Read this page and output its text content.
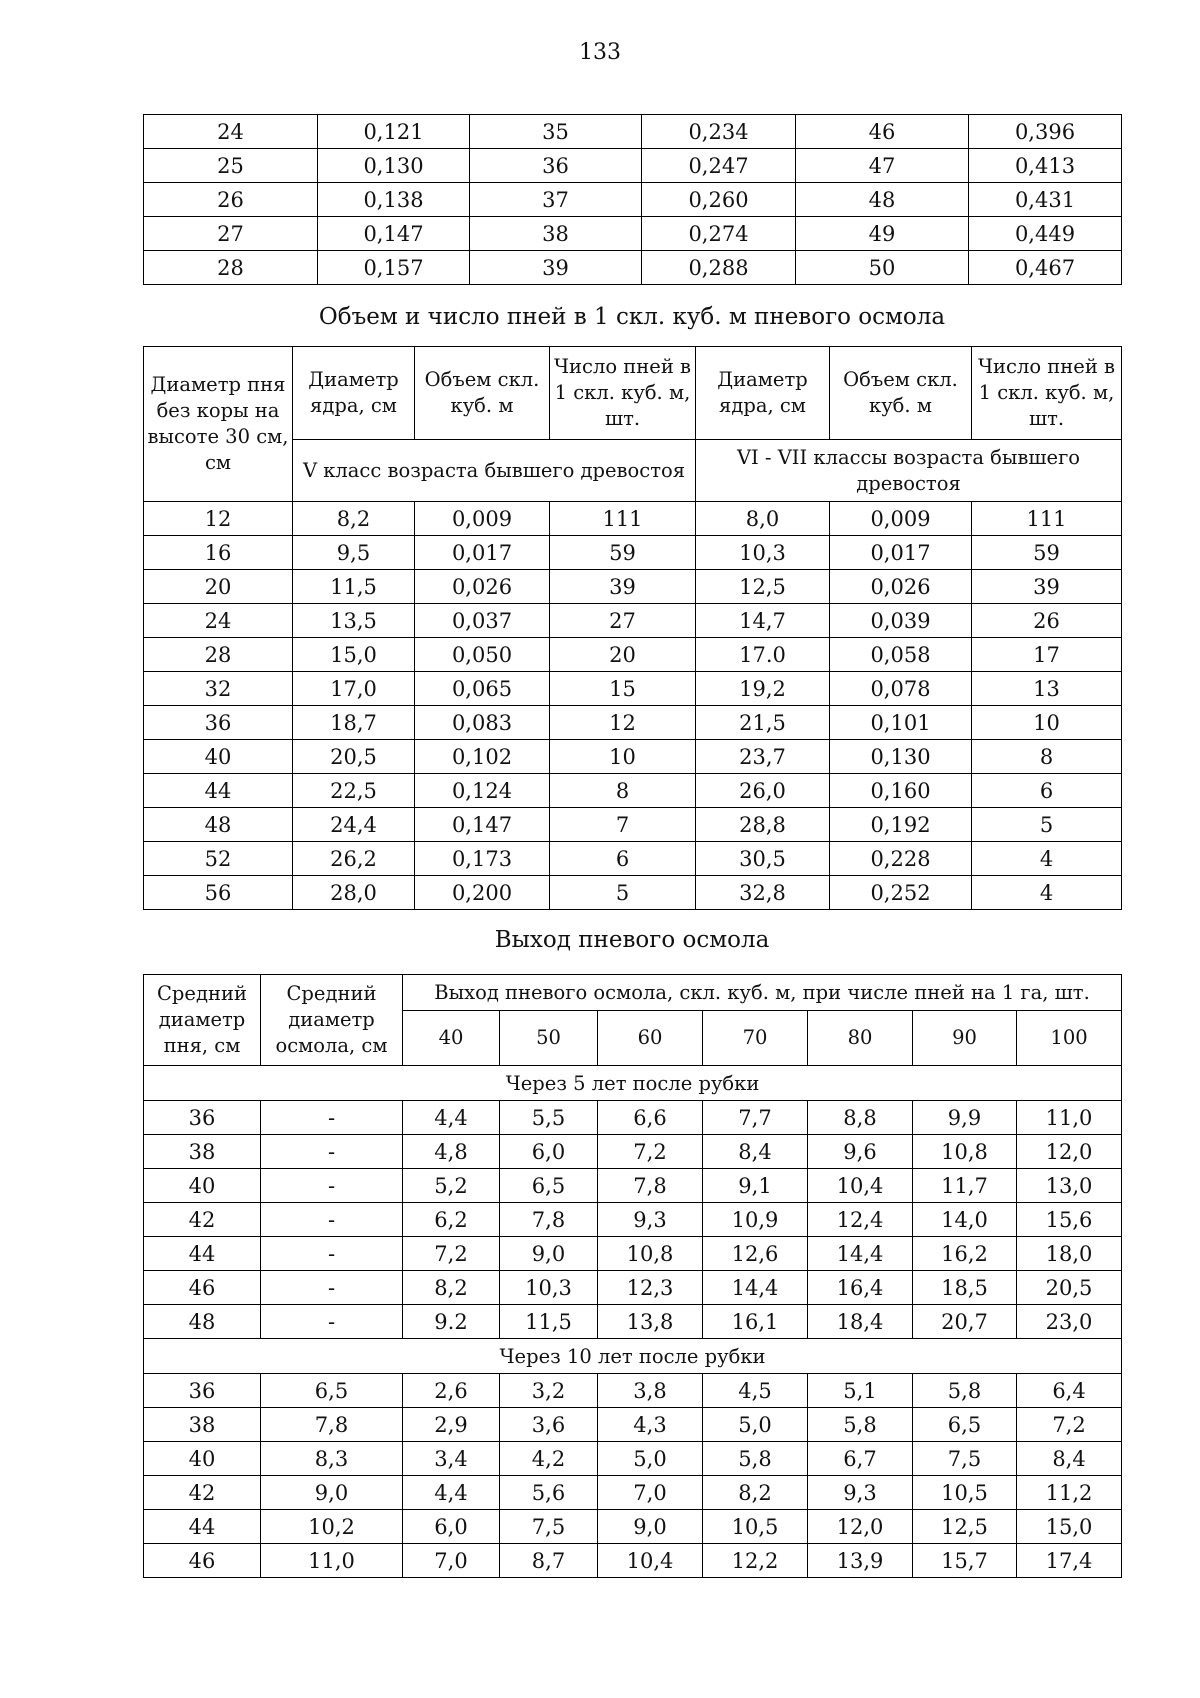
133
24	0,121	35	0,234	46	0,396
25	0,130	36	0,247	47	0,413
26	0,138	37	0,260	48	0,431
27	0,147	38	0,274	49	0,449
28	0,157	39	0,288	50	0,467
Объем и число пней в 1 скл. куб. м пневого осмола
Диаметр пня без коры на высоте 30 см, см	Диаметр ядра, см	Объем скл. куб. м	Число пней в 1 скл. куб. м, шт.	Диаметр ядра, см	Объем скл. куб. м	Число пней в 1 скл. куб. м, шт.
	V класс возраста бывшего древостоя			VI - VII классы возраста бывшего древостоя		
12	8,2	0,009	111	8,0	0,009	111
16	9,5	0,017	59	10,3	0,017	59
20	11,5	0,026	39	12,5	0,026	39
24	13,5	0,037	27	14,7	0,039	26
28	15,0	0,050	20	17.0	0,058	17
32	17,0	0,065	15	19,2	0,078	13
36	18,7	0,083	12	21,5	0,101	10
40	20,5	0,102	10	23,7	0,130	8
44	22,5	0,124	8	26,0	0,160	6
48	24,4	0,147	7	28,8	0,192	5
52	26,2	0,173	6	30,5	0,228	4
56	28,0	0,200	5	32,8	0,252	4
Выход пневого осмола
Средний диаметр пня, см	Средний диаметр осмола, см	Выход пневого осмола, скл. куб. м, при числе пней на 1 га, шт.						
		40	50	60	70	80	90	100
Через 5 лет после рубки								
36	-	4,4	5,5	6,6	7,7	8,8	9,9	11,0
38	-	4,8	6,0	7,2	8,4	9,6	10,8	12,0
40	-	5,2	6,5	7,8	9,1	10,4	11,7	13,0
42	-	6,2	7,8	9,3	10,9	12,4	14,0	15,6
44	-	7,2	9,0	10,8	12,6	14,4	16,2	18,0
46	-	8,2	10,3	12,3	14,4	16,4	18,5	20,5
48	-	9.2	11,5	13,8	16,1	18,4	20,7	23,0
Через 10 лет после рубки								
36	6,5	2,6	3,2	3,8	4,5	5,1	5,8	6,4
38	7,8	2,9	3,6	4,3	5,0	5,8	6,5	7,2
40	8,3	3,4	4,2	5,0	5,8	6,7	7,5	8,4
42	9,0	4,4	5,6	7,0	8,2	9,3	10,5	11,2
44	10,2	6,0	7,5	9,0	10,5	12,0	12,5	15,0
46	11,0	7,0	8,7	10,4	12,2	13,9	15,7	17,4
